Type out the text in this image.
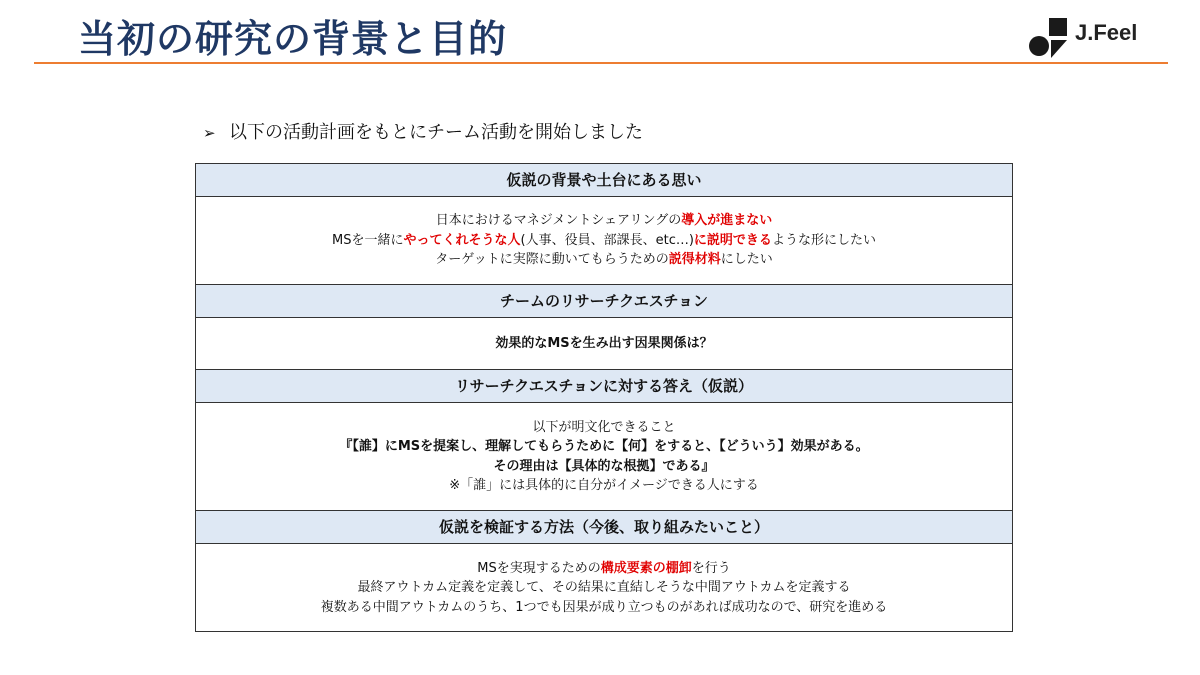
当初の研究の背景と目的	J.Feel
➢ 以下の活動計画をもとにチーム活動を開始しました
仮説の背景や土台にある思い
日本におけるマネジメントシェアリングの導入が進まない
MSを一緒にやってくれそうな人(人事、役員、部課長、etc…)に説明できるような形にしたい
ターゲットに実際に動いてもらうための説得材料にしたい
チームのリサーチクエスチョン
効果的なMSを生み出す因果関係は？
リサーチクエスチョンに対する答え（仮説）
以下が明文化できること
『【誰】にMSを提案し、理解してもらうために【何】をすると、【どういう】効果がある。
その理由は【具体的な根拠】である』
※「誰」には具体的に自分がイメージできる人にする
仮説を検証する方法（今後、取り組みたいこと）
MSを実現するための構成要素の棚卸を行う
最終アウトカム定義を定義して、その結果に直結しそうな中間アウトカムを定義する
複数ある中間アウトカムのうち、1つでも因果が成り立つものがあれば成功なので、研究を進める
